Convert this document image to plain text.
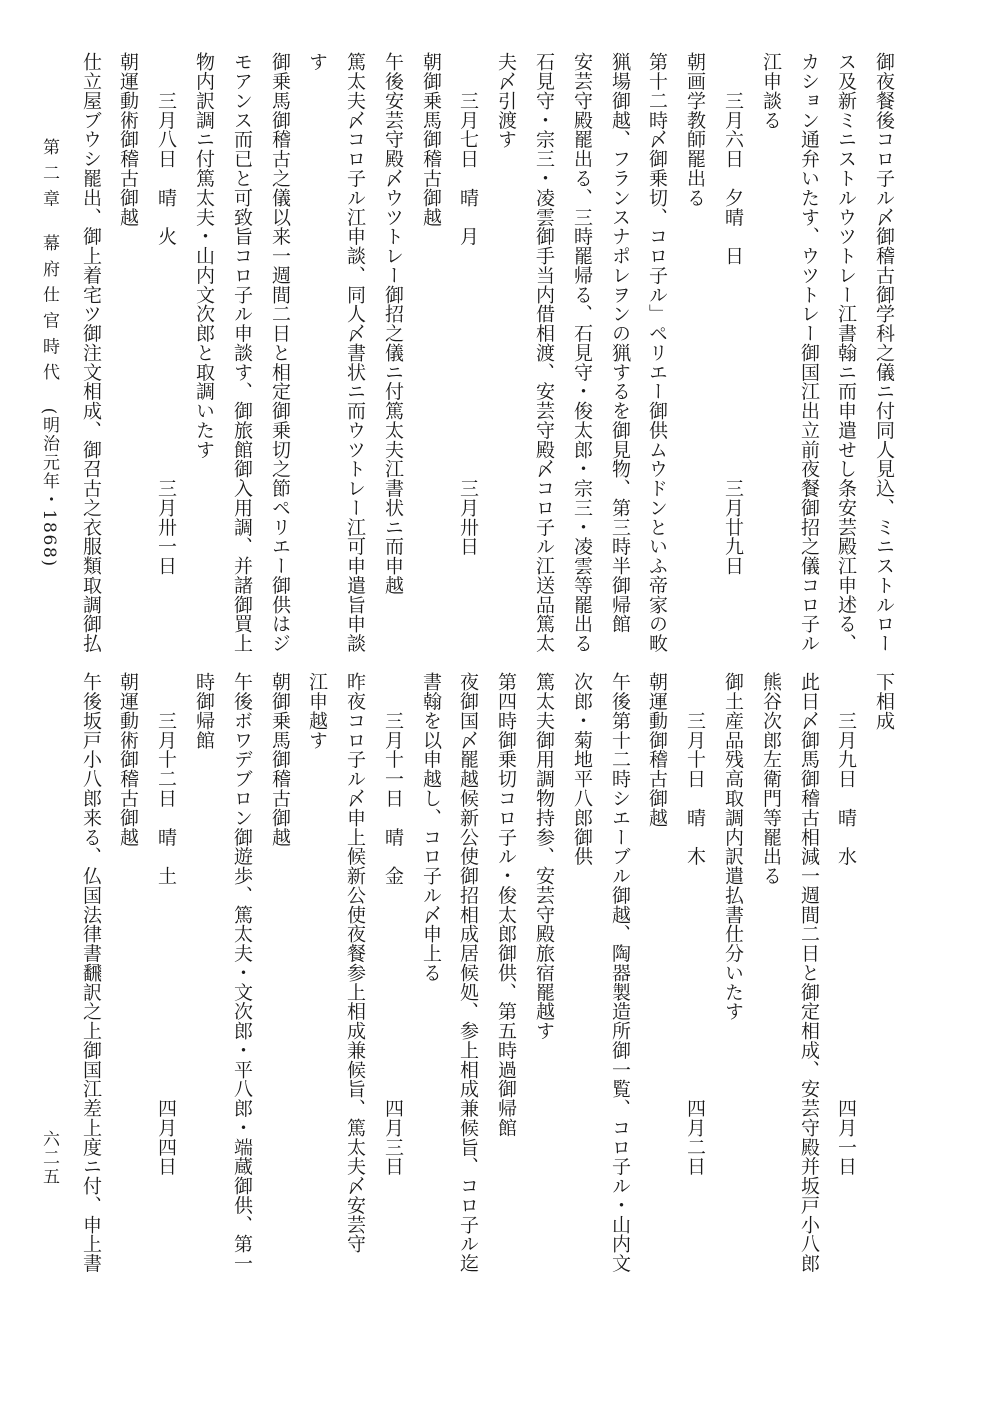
御夜餐後コロ子ル〆御稽古御学科之儀ニ付同人見込、ミニストルロー
ス及新ミニストルウツトレー江書翰ニ而申遣せし条安芸殿江申述る、
カション通弁いたす、ウツトレー御国江出立前夜餐御招之儀コロ子ル
江申談る
　　三月六日　夕晴　日　　　　　　　　　　　三月廿九日
朝画学教師罷出る
第十二時〆御乗切、コロ子ル」ペリエー御供ムウドンといふ帝家の畋
猟場御越、フランスナポレヲンの猟するを御見物、第三時半御帰館
安芸守殿罷出る、三時罷帰る、石見守・俊太郎・宗三・凌雲等罷出る
石見守・宗三・凌雲御手当内借相渡、安芸守殿〆コロ子ル江送品篤太
夫〆引渡す
　　三月七日　晴　月　　　　　　　　　　　　三月卅日
朝御乗馬御稽古御越
午後安芸守殿〆ウツトレー御招之儀ニ付篤太夫江書状ニ而申越
篤太夫〆コロ子ル江申談、同人〆書状ニ而ウツトレー江可申遣旨申談
す
御乗馬御稽古之儀以来一週間二日と相定御乗切之節ペリエー御供はジ
モアンス而已と可致旨コロ子ル申談す、御旅館御入用調、并諸御買上
物内訳調ニ付篤太夫・山内文次郎と取調いたす
　　三月八日　晴　火　　　　　　　　　　　　三月卅一日
朝運動術御稽古御越
仕立屋ブウシ罷出、御上着宅ツ御注文相成、御召古之衣服類取調御払
第 二 章 　幕 府 仕 官 時 代 　(明治元年・1868)
下相成
　　三月九日　晴　水　　　　　　　　　　　　四月一日
此日〆御馬御稽古相減一週間二日と御定相成、安芸守殿并坂戸小八郎
熊谷次郎左衛門等罷出る
御土産品残高取調内訳遣払書仕分いたす
　　三月十日　晴　木　　　　　　　　　　　　四月二日
朝運動御稽古御越
午後第十二時シエーブル御越、陶器製造所御一覧、コロ子ル・山内文
次郎・菊地平八郎御供
篤太夫御用調物持参、安芸守殿旅宿罷越す
第四時御乗切コロ子ル・俊太郎御供、第五時過御帰館
夜御国〆罷越候新公使御招相成居候処、参上相成兼候旨、コロ子ル迄
書翰を以申越し、コロ子ル〆申上る
　　三月十一日　晴　金　　　　　　　　　　　四月三日
昨夜コロ子ル〆申上候新公使夜餐参上相成兼候旨、篤太夫〆安芸守
江申越す
朝御乗馬御稽古御越
午後ボワデブロン御遊歩、篤太夫・文次郎・平八郎・端蔵御供、第一
時御帰館
　　三月十二日　晴　土　　　　　　　　　　　四月四日
朝運動術御稽古御越
午後坂戸小八郎来る、仏国法律書飜訳之上御国江差上度ニ付、申上書
六二五
